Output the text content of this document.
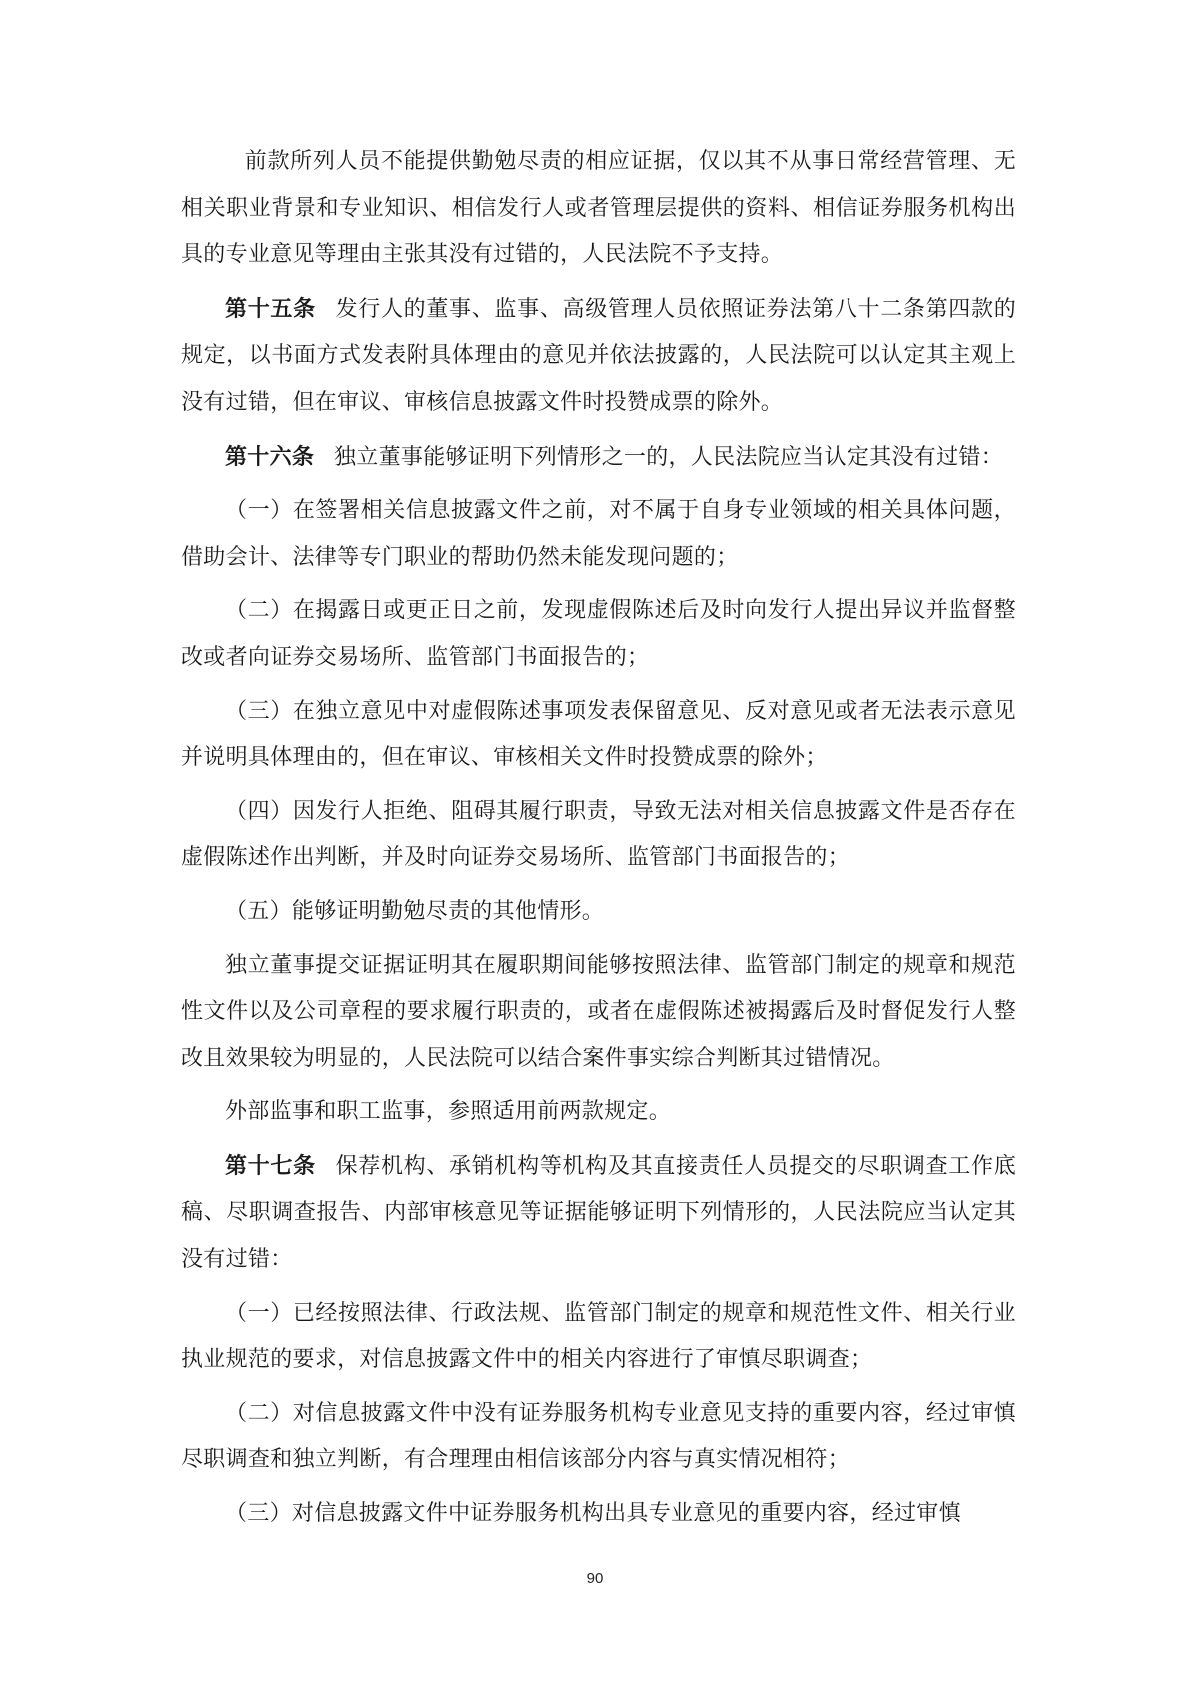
前款所列人员不能提供勤勉尽责的相应证据，仅以其不从事日常经营管理、无相关职业背景和专业知识、相信发行人或者管理层提供的资料、相信证券服务机构出具的专业意见等理由主张其没有过错的，人民法院不予支持。

第十五条 发行人的董事、监事、高级管理人员依照证券法第八十二条第四款的规定，以书面方式发表附具体理由的意见并依法披露的，人民法院可以认定其主观上没有过错，但在审议、审核信息披露文件时投赞成票的除外。

第十六条 独立董事能够证明下列情形之一的，人民法院应当认定其没有过错：

（一）在签署相关信息披露文件之前，对不属于自身专业领域的相关具体问题，借助会计、法律等专门职业的帮助仍然未能发现问题的；

（二）在揭露日或更正日之前，发现虚假陈述后及时向发行人提出异议并监督整改或者向证券交易场所、监管部门书面报告的；

（三）在独立意见中对虚假陈述事项发表保留意见、反对意见或者无法表示意见并说明具体理由的，但在审议、审核相关文件时投赞成票的除外；

（四）因发行人拒绝、阻碍其履行职责，导致无法对相关信息披露文件是否存在虚假陈述作出判断，并及时向证券交易场所、监管部门书面报告的；

（五）能够证明勤勉尽责的其他情形。

独立董事提交证据证明其在履职期间能够按照法律、监管部门制定的规章和规范性文件以及公司章程的要求履行职责的，或者在虚假陈述被揭露后及时督促发行人整改且效果较为明显的，人民法院可以结合案件事实综合判断其过错情况。

外部监事和职工监事，参照适用前两款规定。

第十七条 保荐机构、承销机构等机构及其直接责任人员提交的尽职调查工作底稿、尽职调查报告、内部审核意见等证据能够证明下列情形的，人民法院应当认定其没有过错：

（一）已经按照法律、行政法规、监管部门制定的规章和规范性文件、相关行业执业规范的要求，对信息披露文件中的相关内容进行了审慎尽职调查；

（二）对信息披露文件中没有证券服务机构专业意见支持的重要内容，经过审慎尽职调查和独立判断，有合理理由相信该部分内容与真实情况相符；

（三）对信息披露文件中证券服务机构出具专业意见的重要内容，经过审慎

90
